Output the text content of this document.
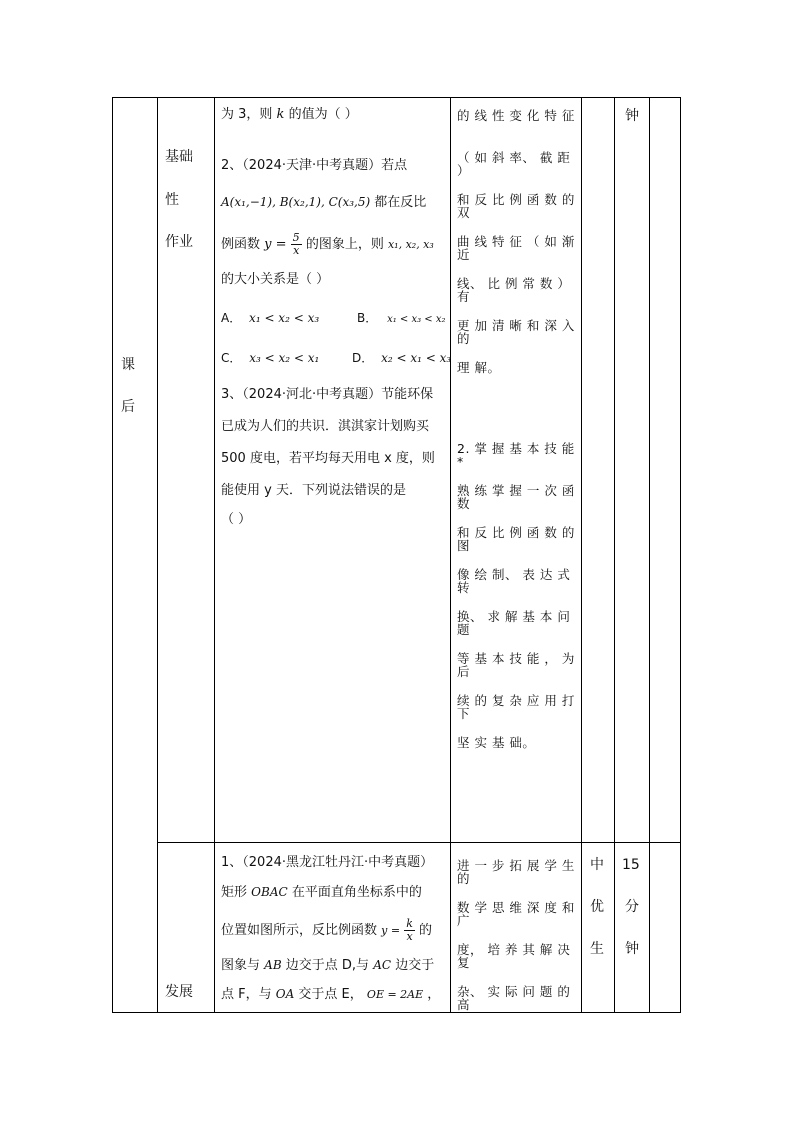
课
后
基础
性
作业
发展
为 3，则 k 的值为（ ）
2、（2024·天津·中考真题）若点
A(x₁,−1), B(x₂,1), C(x₃,5) 都在反比
例函数 $y = \frac{5}{x}$ 的图象上，则 x₁, x₂, x₃
的大小关系是（ ）
A． x₁ < x₂ < x₃	B． x₁ < x₃ < x₂
C． x₃ < x₂ < x₁	D． x₂ < x₁ < x₃
3、（2024·河北·中考真题）节能环保
已成为人们的共识．淇淇家计划购买
500 度电，若平均每天用电 x 度，则
能使用 y 天．下列说法错误的是
（ ）
的 线 性 变 化 特 征
（ 如 斜 率、 截 距 ）
和 反 比 例 函 数 的 双
曲 线 特 征 （ 如 渐 近
线、 比 例 常 数 ） 有
更 加 清 晰 和 深 入 的
理 解。
2. 掌 握 基 本 技 能 *
熟 练 掌 握 一 次 函 数
和 反 比 例 函 数 的 图
像 绘 制、 表 达 式 转
换、 求 解 基 本 问 题
等 基 本 技 能 ， 为 后
续 的 复 杂 应 用 打 下
坚 实 基 础。
钟
1、（2024·黑龙江牡丹江·中考真题）
矩形 OBAC 在平面直角坐标系中的
位置如图所示，反比例函数 $y = \frac{k}{x}$ 的
图象与 AB 边交于点 D,与 AC 边交于
点 F，与 OA 交于点 E， OE = 2AE ，
进 一 步 拓 展 学 生 的
数 学 思 维 深 度 和 广
度， 培 养 其 解 决 复
杂、 实 际 问 题 的 高
中
优
生
15
分
钟
